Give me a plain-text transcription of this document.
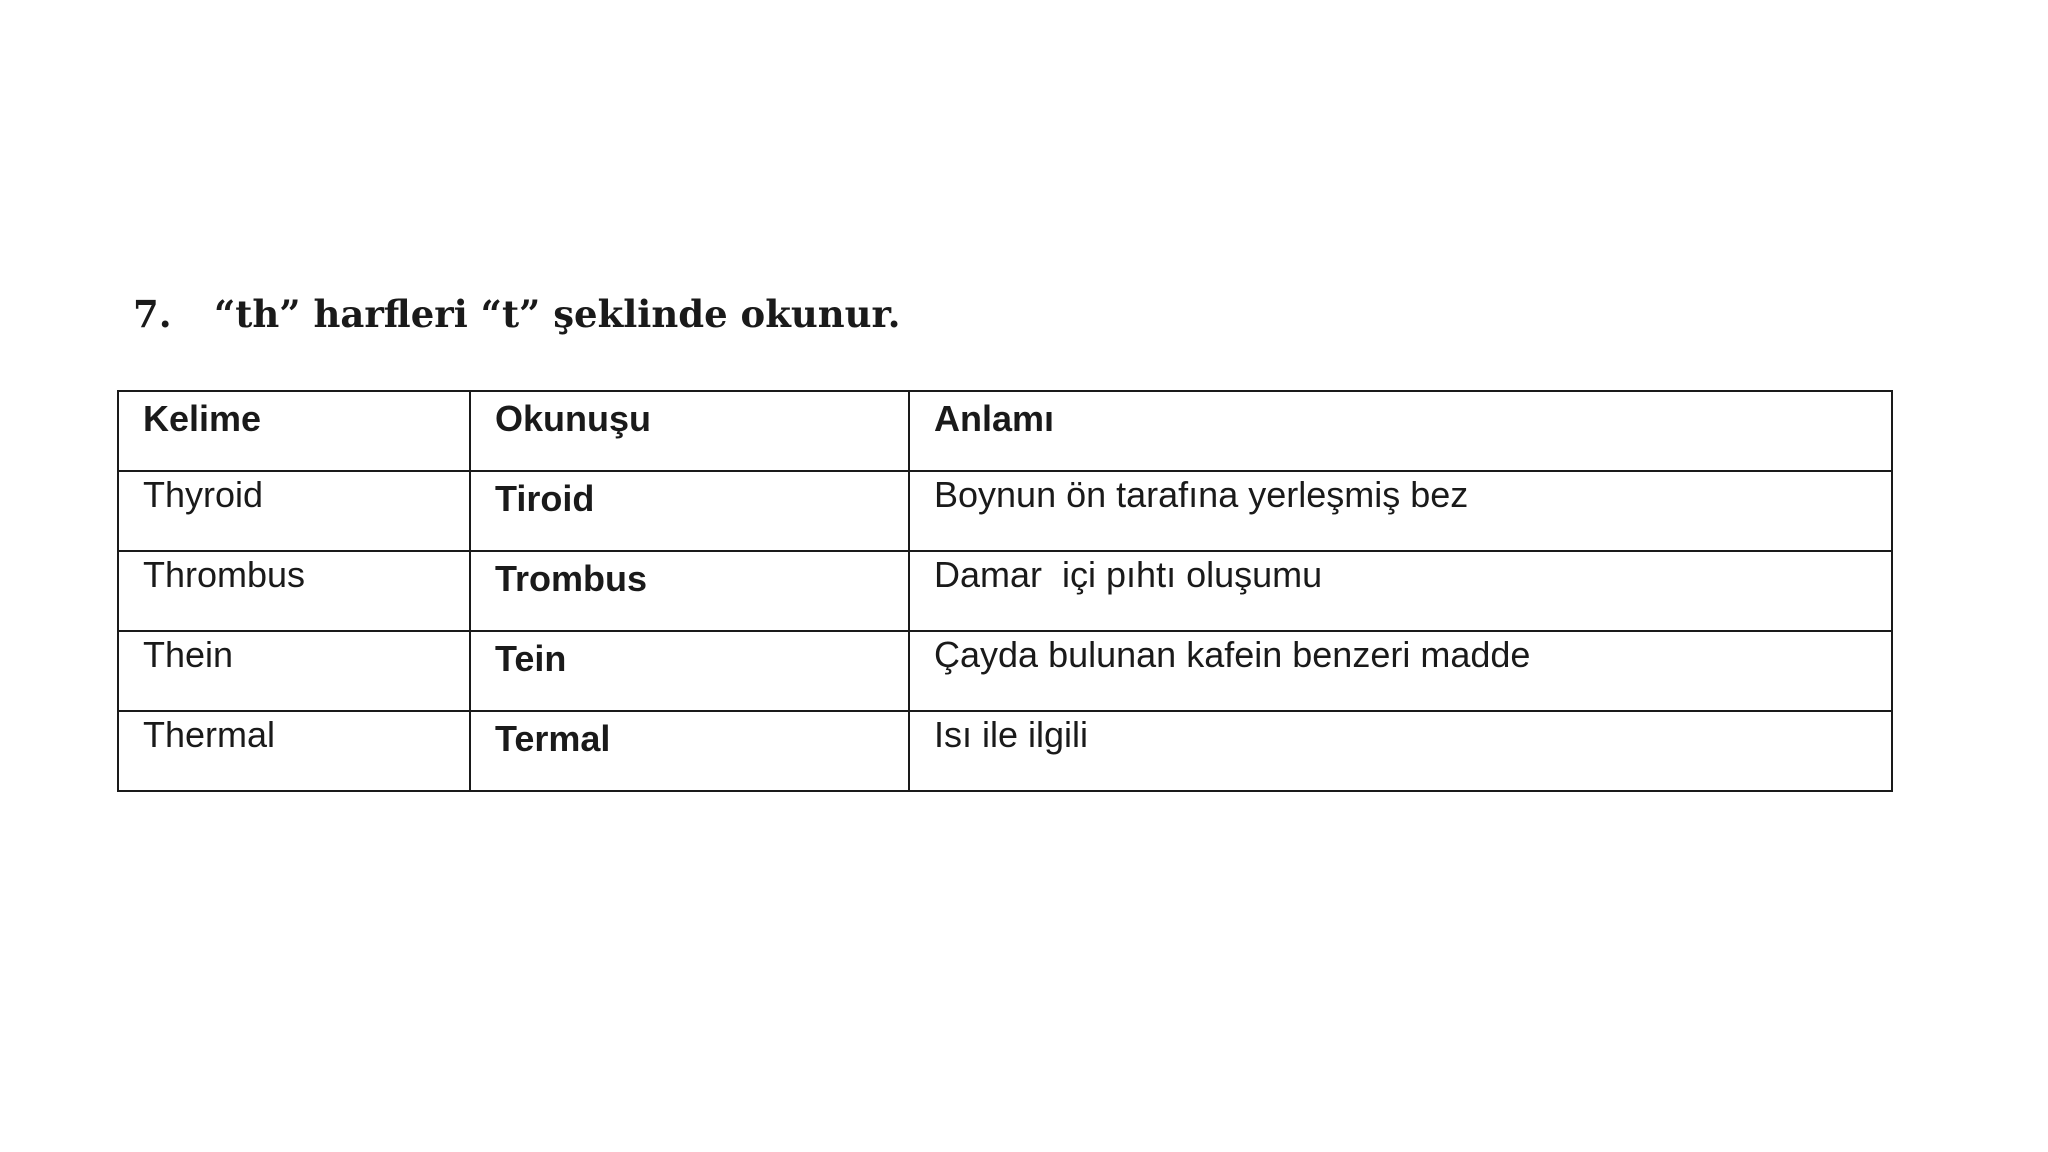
7.	“th” harfleri “t” şeklinde okunur.
Kelime	Okunuşu	Anlamı
Thyroid	Tiroid	Boynun ön tarafına yerleşmiş bez
Thrombus	Trombus	Damar  içi pıhtı oluşumu
Thein	Tein	Çayda bulunan kafein benzeri madde
Thermal	Termal	Isı ile ilgili
